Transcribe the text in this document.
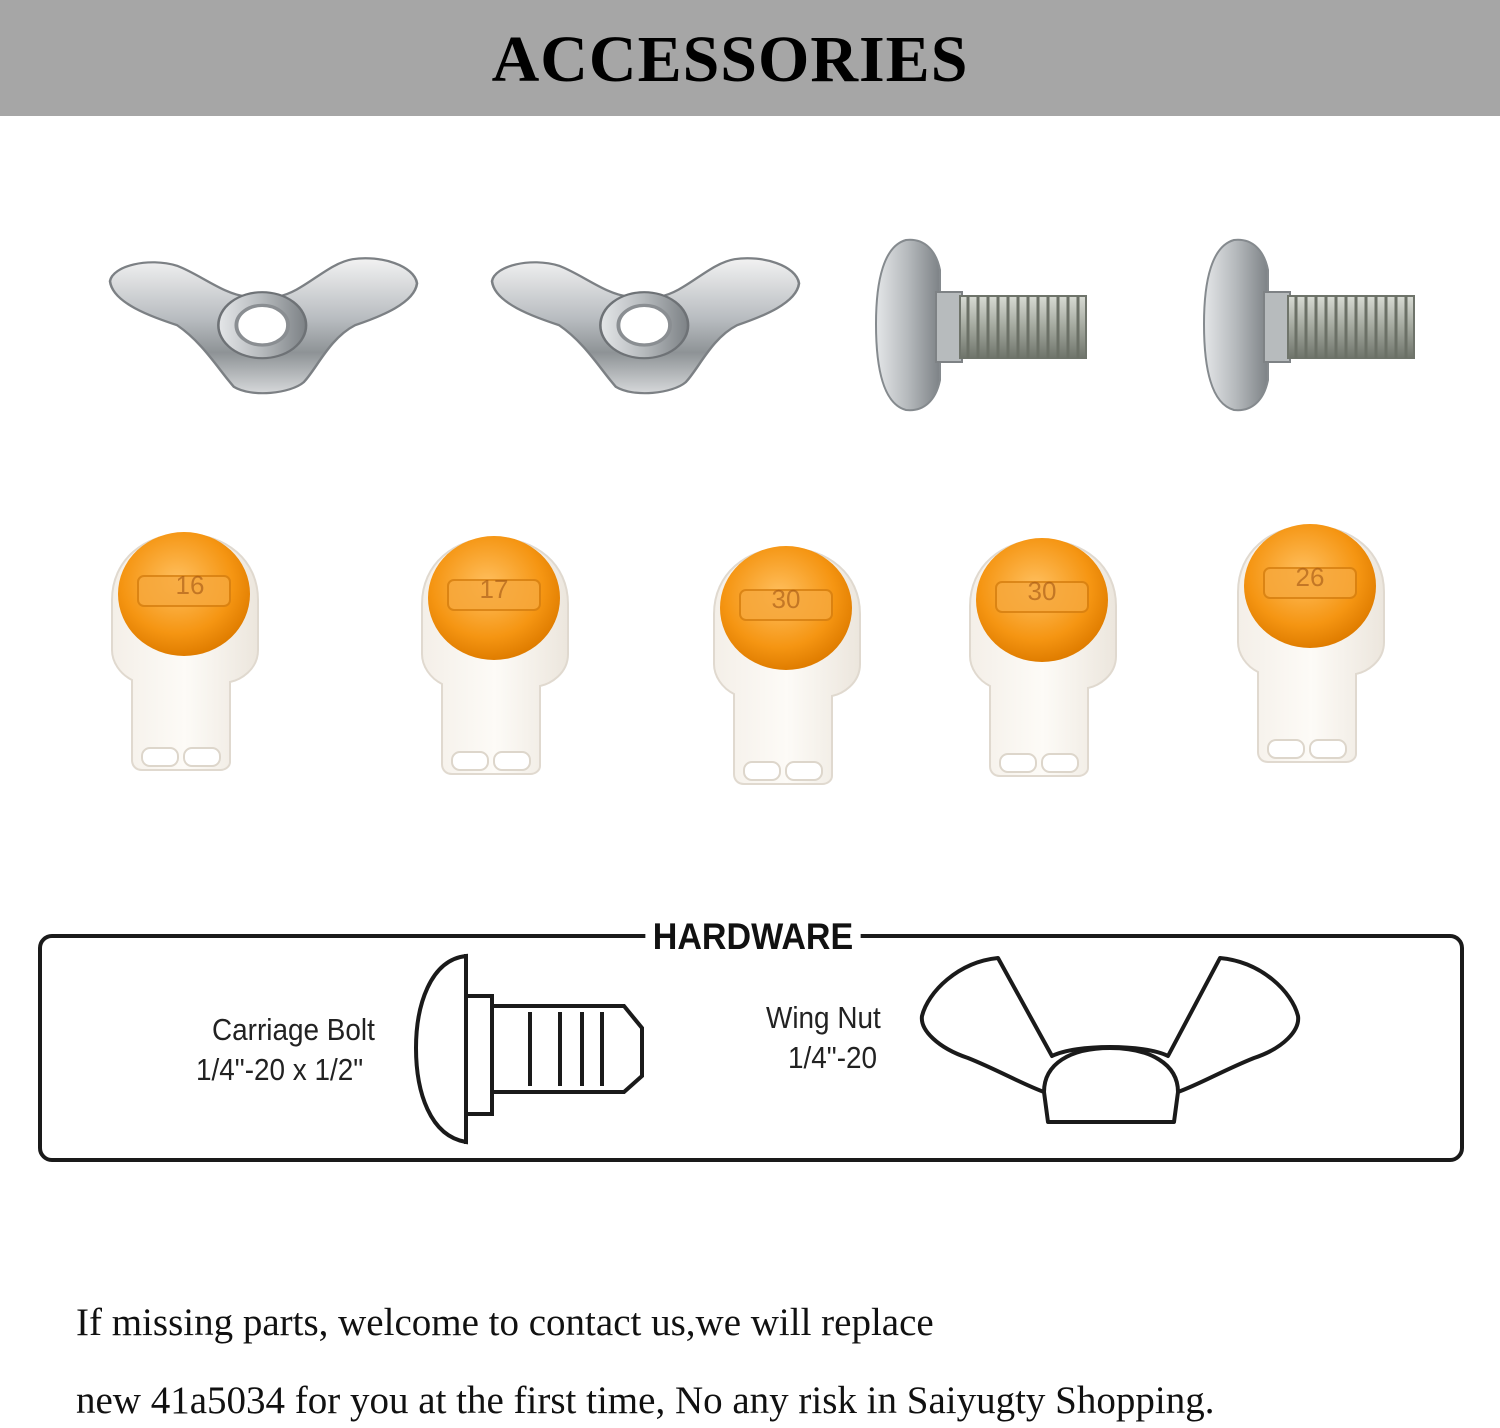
ACCESSORIES
16	17	30	30	26
HARDWARE
Carriage Bolt
1/4"-20 x 1/2"
Wing Nut
1/4"-20
If missing parts, welcome to contact us,we will replace
new 41a5034 for you at the first time, No any risk in Saiyugty Shopping.
